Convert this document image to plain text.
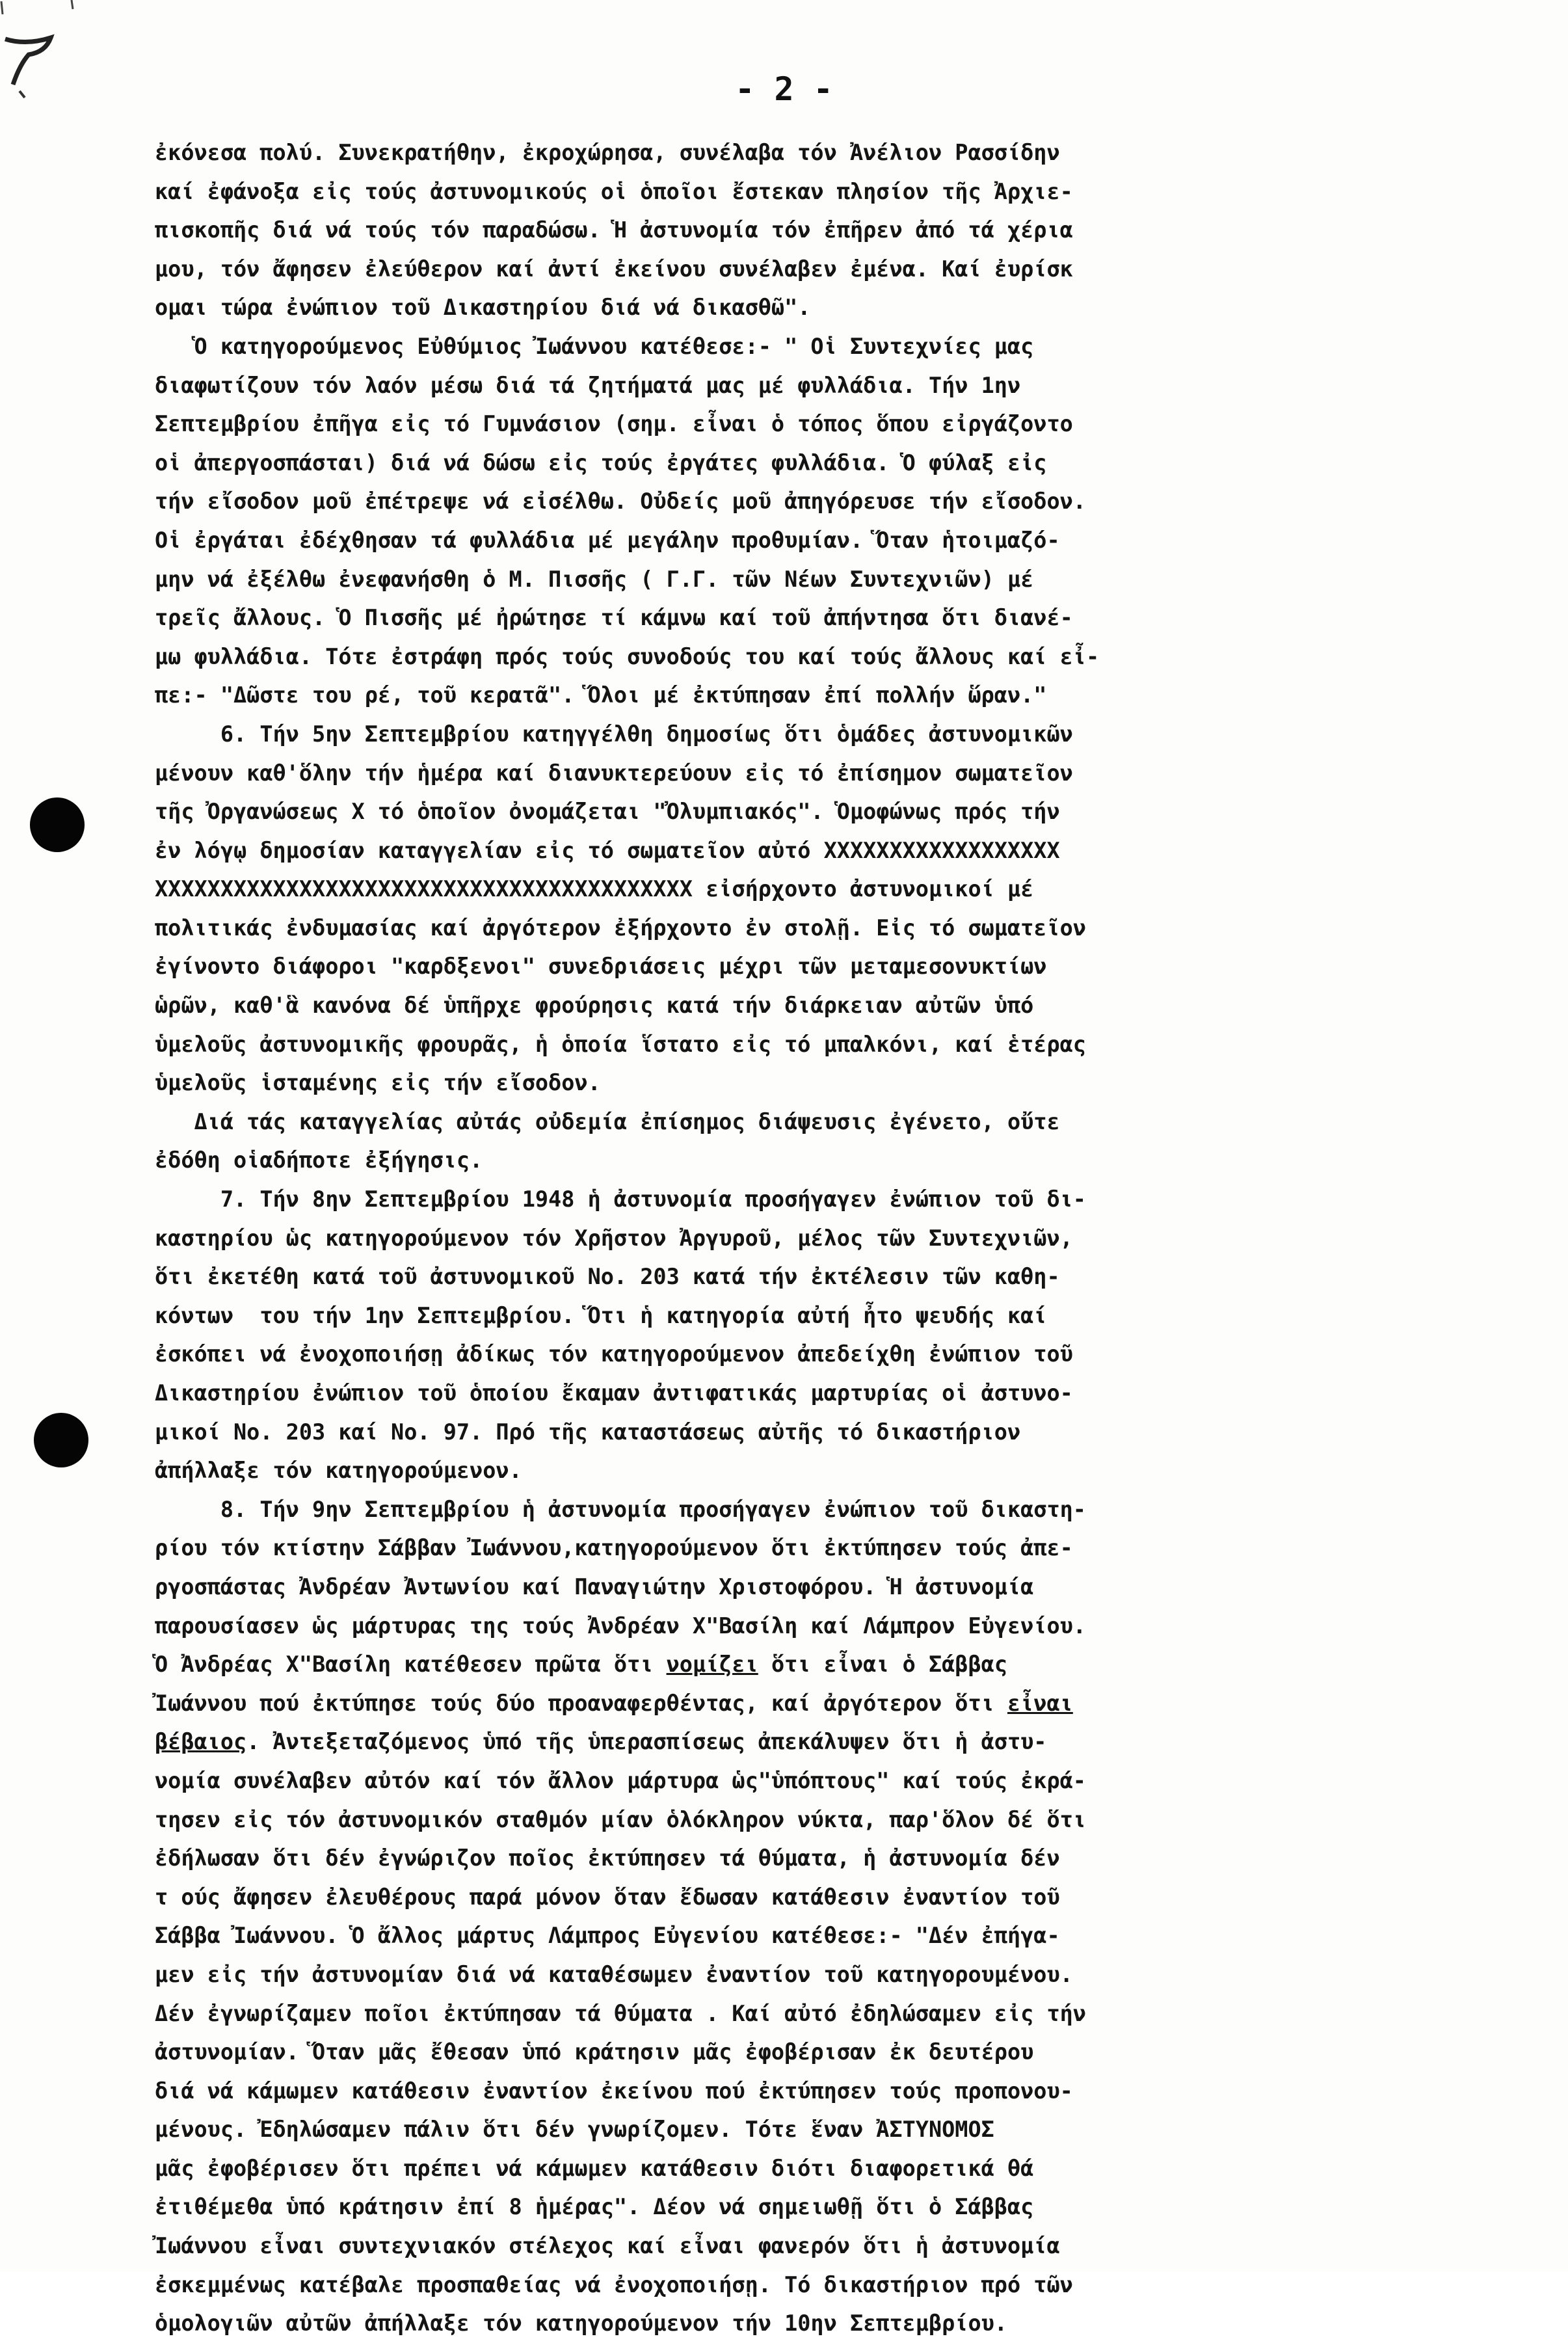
- 2 -
ἐκόνεσα πολύ. Συνεκρατήθην, ἐκροχώρησα, συνέλαβα τόν Ἀνέλιον Ρασσίδην
καί ἐφάνοξα εἰς τούς ἀστυνομικούς οἱ ὁποῖοι ἔστεκαν πλησίον τῆς Ἀρχιε-
πισκοπῆς διά νά τούς τόν παραδώσω. Ἡ ἀστυνομία τόν ἐπῆρεν ἀπό τά χέρια
μου, τόν ἄφησεν ἐλεύθερον καί ἀντί ἐκείνου συνέλαβεν ἐμένα. Καί ἐυρίσκ
ομαι τώρα ἐνώπιον τοῦ Δικαστηρίου διά νά δικασθῶ".
Ὁ κατηγορούμενος Εὐθύμιος Ἰωάννου κατέθεσε:- " Οἱ Συντεχνίες μας
διαφωτίζουν τόν λαόν μέσω διά τά ζητήματά μας μέ φυλλάδια. Τήν 1ην
Σεπτεμβρίου ἐπῆγα εἰς τό Γυμνάσιον (σημ. εἶναι ὁ τόπος ὅπου εἰργάζοντο
οἱ ἀπεργοσπάσται) διά νά δώσω εἰς τούς ἐργάτες φυλλάδια. Ὁ φύλαξ εἰς
τήν εἴσοδον μοῦ ἐπέτρεψε νά εἰσέλθω. Οὐδείς μοῦ ἀπηγόρευσε τήν εἴσοδον.
Οἱ ἐργάται ἐδέχθησαν τά φυλλάδια μέ μεγάλην προθυμίαν. Ὅταν ἡτοιμαζό-
μην νά ἐξέλθω ἐνεφανήσθη ὁ Μ. Πισσῆς ( Γ.Γ. τῶν Νέων Συντεχνιῶν) μέ
τρεῖς ἄλλους. Ὁ Πισσῆς μέ ἠρώτησε τί κάμνω καί τοῦ ἀπήντησα ὅτι διανέ-
μω φυλλάδια. Τότε ἐστράφη πρός τούς συνοδούς του καί τούς ἄλλους καί εἶ-
πε:- "Δῶστε του ρέ, τοῦ κερατᾶ". Ὅλοι μέ ἐκτύπησαν ἐπί πολλήν ὥραν."
6. Τήν 5ην Σεπτεμβρίου κατηγγέλθη δημοσίως ὅτι ὁμάδες ἀστυνομικῶν
μένουν καθ'ὅλην τήν ἡμέρα καί διανυκτερεύουν εἰς τό ἐπίσημον σωματεῖον
τῆς Ὀργανώσεως Χ τό ὁποῖον ὀνομάζεται "Ὀλυμπιακός". Ὁμοφώνως πρός τήν
ἐν λόγῳ δημοσίαν καταγγελίαν εἰς τό σωματεῖον αὐτό ΧΧΧΧΧΧΧΧΧΧΧΧΧΧΧΧΧΧ
ΧΧΧΧΧΧΧΧΧΧΧΧΧΧΧΧΧΧΧΧΧΧΧΧΧΧΧΧΧΧΧΧΧΧΧΧΧΧΧΧΧ εἰσήρχοντο ἀστυνομικοί μέ
πολιτικάς ἐνδυμασίας καί ἀργότερον ἐξήρχοντο ἐν στολῇ. Εἰς τό σωματεῖον
ἐγίνοντο διάφοροι "καρδξενοι" συνεδριάσεις μέχρι τῶν μεταμεσονυκτίων
ὡρῶν, καθ'ἃ κανόνα δέ ὑπῆρχε φρούρησις κατά τήν διάρκειαν αὐτῶν ὑπό
ὑμελοῦς ἀστυνομικῆς φρουρᾶς, ἡ ὁποία ἵστατο εἰς τό μπαλκόνι, καί ἑτέρας
ὑμελοῦς ἱσταμένης εἰς τήν εἴσοδον.
Διά τάς καταγγελίας αὐτάς οὐδεμία ἐπίσημος διάψευσις ἐγένετο, οὔτε
ἐδόθη οἱαδήποτε ἐξήγησις.
7. Τήν 8ην Σεπτεμβρίου 1948 ἡ ἀστυνομία προσήγαγεν ἐνώπιον τοῦ δι-
καστηρίου ὡς κατηγορούμενον τόν Χρῆστον Ἀργυροῦ, μέλος τῶν Συντεχνιῶν,
ὅτι ἐκετέθη κατά τοῦ ἀστυνομικοῦ Νο. 203 κατά τήν ἐκτέλεσιν τῶν καθη-
κόντων  του τήν 1ην Σεπτεμβρίου. Ὅτι ἡ κατηγορία αὐτή ἦτο ψευδής καί
ἐσκόπει νά ἐνοχοποιήσῃ ἀδίκως τόν κατηγορούμενον ἀπεδείχθη ἐνώπιον τοῦ
Δικαστηρίου ἐνώπιον τοῦ ὁποίου ἔκαμαν ἀντιφατικάς μαρτυρίας οἱ ἀστυνο-
μικοί Νο. 203 καί Νο. 97. Πρό τῆς καταστάσεως αὐτῆς τό δικαστήριον
ἀπήλλαξε τόν κατηγορούμενον.
8. Τήν 9ην Σεπτεμβρίου ἡ ἀστυνομία προσήγαγεν ἐνώπιον τοῦ δικαστη-
ρίου τόν κτίστην Σάββαν Ἰωάννου,κατηγορούμενον ὅτι ἐκτύπησεν τούς ἀπε-
ργοσπάστας Ἀνδρέαν Ἀντωνίου καί Παναγιώτην Χριστοφόρου. Ἡ ἀστυνομία
παρουσίασεν ὡς μάρτυρας της τούς Ἀνδρέαν Χ"Βασίλη καί Λάμπρον Εὐγενίου.
Ὁ Ἀνδρέας Χ"Βασίλη κατέθεσεν πρῶτα ὅτι νομίζει ὅτι εἶναι ὁ Σάββας
Ἰωάννου πού ἐκτύπησε τούς δύο προαναφερθέντας, καί ἀργότερον ὅτι εἶναι
βέβαιος. Ἀντεξεταζόμενος ὑπό τῆς ὑπερασπίσεως ἀπεκάλυψεν ὅτι ἡ ἀστυ-
νομία συνέλαβεν αὐτόν καί τόν ἄλλον μάρτυρα ὡς"ὑπόπτους" καί τούς ἐκρά-
τησεν εἰς τόν ἀστυνομικόν σταθμόν μίαν ὁλόκληρον νύκτα, παρ'ὅλον δέ ὅτι
ἐδήλωσαν ὅτι δέν ἐγνώριζον ποῖος ἐκτύπησεν τά θύματα, ἡ ἀστυνομία δέν
τ ούς ἄφησεν ἐλευθέρους παρά μόνον ὅταν ἔδωσαν κατάθεσιν ἐναντίον τοῦ
Σάββα Ἰωάννου. Ὁ ἄλλος μάρτυς Λάμπρος Εὐγενίου κατέθεσε:- "Δέν ἐπήγα-
μεν εἰς τήν ἀστυνομίαν διά νά καταθέσωμεν ἐναντίον τοῦ κατηγορουμένου.
Δέν ἐγνωρίζαμεν ποῖοι ἐκτύπησαν τά θύματα . Καί αὐτό ἐδηλώσαμεν εἰς τήν
ἀστυνομίαν. Ὅταν μᾶς ἔθεσαν ὑπό κράτησιν μᾶς ἐφοβέρισαν ἐκ δευτέρου
διά νά κάμωμεν κατάθεσιν ἐναντίον ἐκείνου πού ἐκτύπησεν τούς προπονου-
μένους. Ἐδηλώσαμεν πάλιν ὅτι δέν γνωρίζομεν. Τότε ἕναν ἈΣΤΥΝΟΜΟΣ
μᾶς ἐφοβέρισεν ὅτι πρέπει νά κάμωμεν κατάθεσιν διότι διαφορετικά θά
ἐτιθέμεθα ὑπό κράτησιν ἐπί 8 ἡμέρας". Δέον νά σημειωθῇ ὅτι ὁ Σάββας
Ἰωάννου εἶναι συντεχνιακόν στέλεχος καί εἶναι φανερόν ὅτι ἡ ἀστυνομία
ἐσκεμμένως κατέβαλε προσπαθείας νά ἐνοχοποιήσῃ. Τό δικαστήριον πρό τῶν
ὁμολογιῶν αὐτῶν ἀπήλλαξε τόν κατηγορούμενον τήν 10ην Σεπτεμβρίου.
